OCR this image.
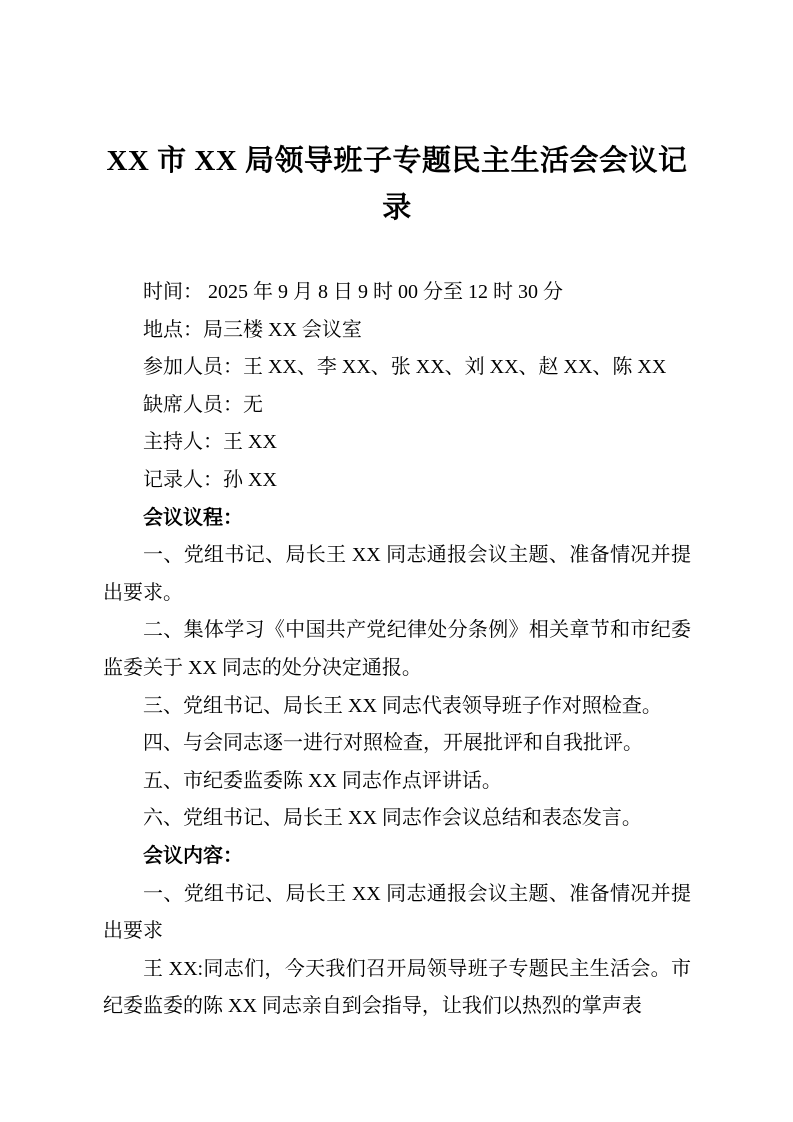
XX 市 XX 局领导班子专题民主生活会会议记录

时间： 2025 年 9 月 8 日 9 时 00 分至 12 时 30 分

地点：局三楼 XX 会议室

参加人员：王 XX、李 XX、张 XX、刘 XX、赵 XX、陈 XX

缺席人员：无

主持人：王 XX

记录人：孙 XX

会议议程：

一、党组书记、局长王 XX 同志通报会议主题、准备情况并提出要求。

二、集体学习《中国共产党纪律处分条例》相关章节和市纪委监委关于 XX 同志的处分决定通报。

三、党组书记、局长王 XX 同志代表领导班子作对照检查。

四、与会同志逐一进行对照检查，开展批评和自我批评。

五、市纪委监委陈 XX 同志作点评讲话。

六、党组书记、局长王 XX 同志作会议总结和表态发言。

会议内容：

一、党组书记、局长王 XX 同志通报会议主题、准备情况并提出要求

王 XX:同志们，今天我们召开局领导班子专题民主生活会。市纪委监委的陈 XX 同志亲自到会指导，让我们以热烈的掌声表
